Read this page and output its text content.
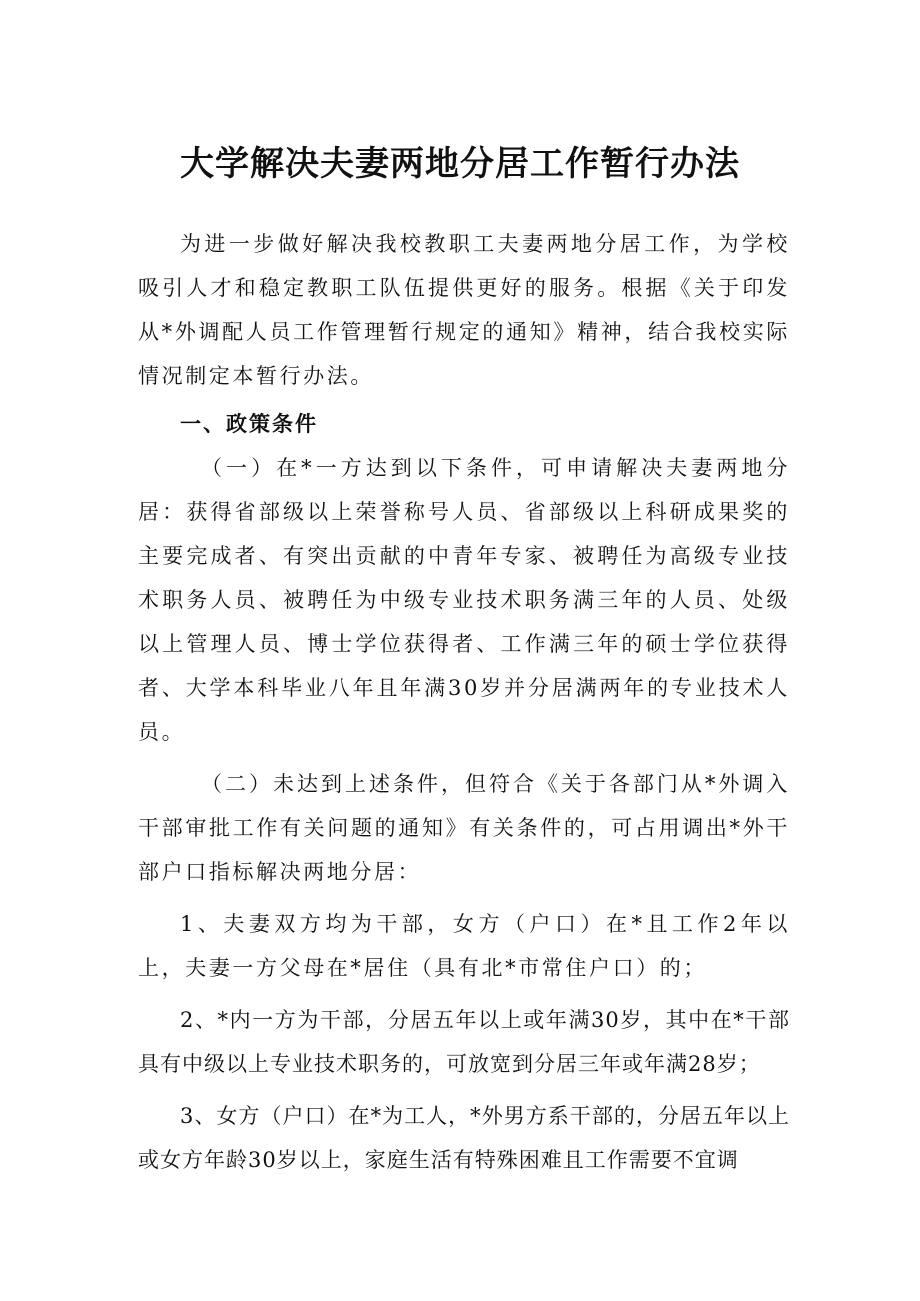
大学解决夫妻两地分居工作暂行办法

为进一步做好解决我校教职工夫妻两地分居工作，为学校吸引人才和稳定教职工队伍提供更好的服务。根据《关于印发从*外调配人员工作管理暂行规定的通知》精神，结合我校实际情况制定本暂行办法。

一、政策条件

（一）在*一方达到以下条件，可申请解决夫妻两地分居：获得省部级以上荣誉称号人员、省部级以上科研成果奖的主要完成者、有突出贡献的中青年专家、被聘任为高级专业技术职务人员、被聘任为中级专业技术职务满三年的人员、处级以上管理人员、博士学位获得者、工作满三年的硕士学位获得者、大学本科毕业八年且年满30岁并分居满两年的专业技术人员。

（二）未达到上述条件，但符合《关于各部门从*外调入干部审批工作有关问题的通知》有关条件的，可占用调出*外干部户口指标解决两地分居：

1、夫妻双方均为干部，女方（户口）在*且工作2年以上，夫妻一方父母在*居住（具有北*市常住户口）的；

2、*内一方为干部，分居五年以上或年满30岁，其中在*干部具有中级以上专业技术职务的，可放宽到分居三年或年满28岁；

3、女方（户口）在*为工人，*外男方系干部的，分居五年以上或女方年龄30岁以上，家庭生活有特殊困难且工作需要不宜调
